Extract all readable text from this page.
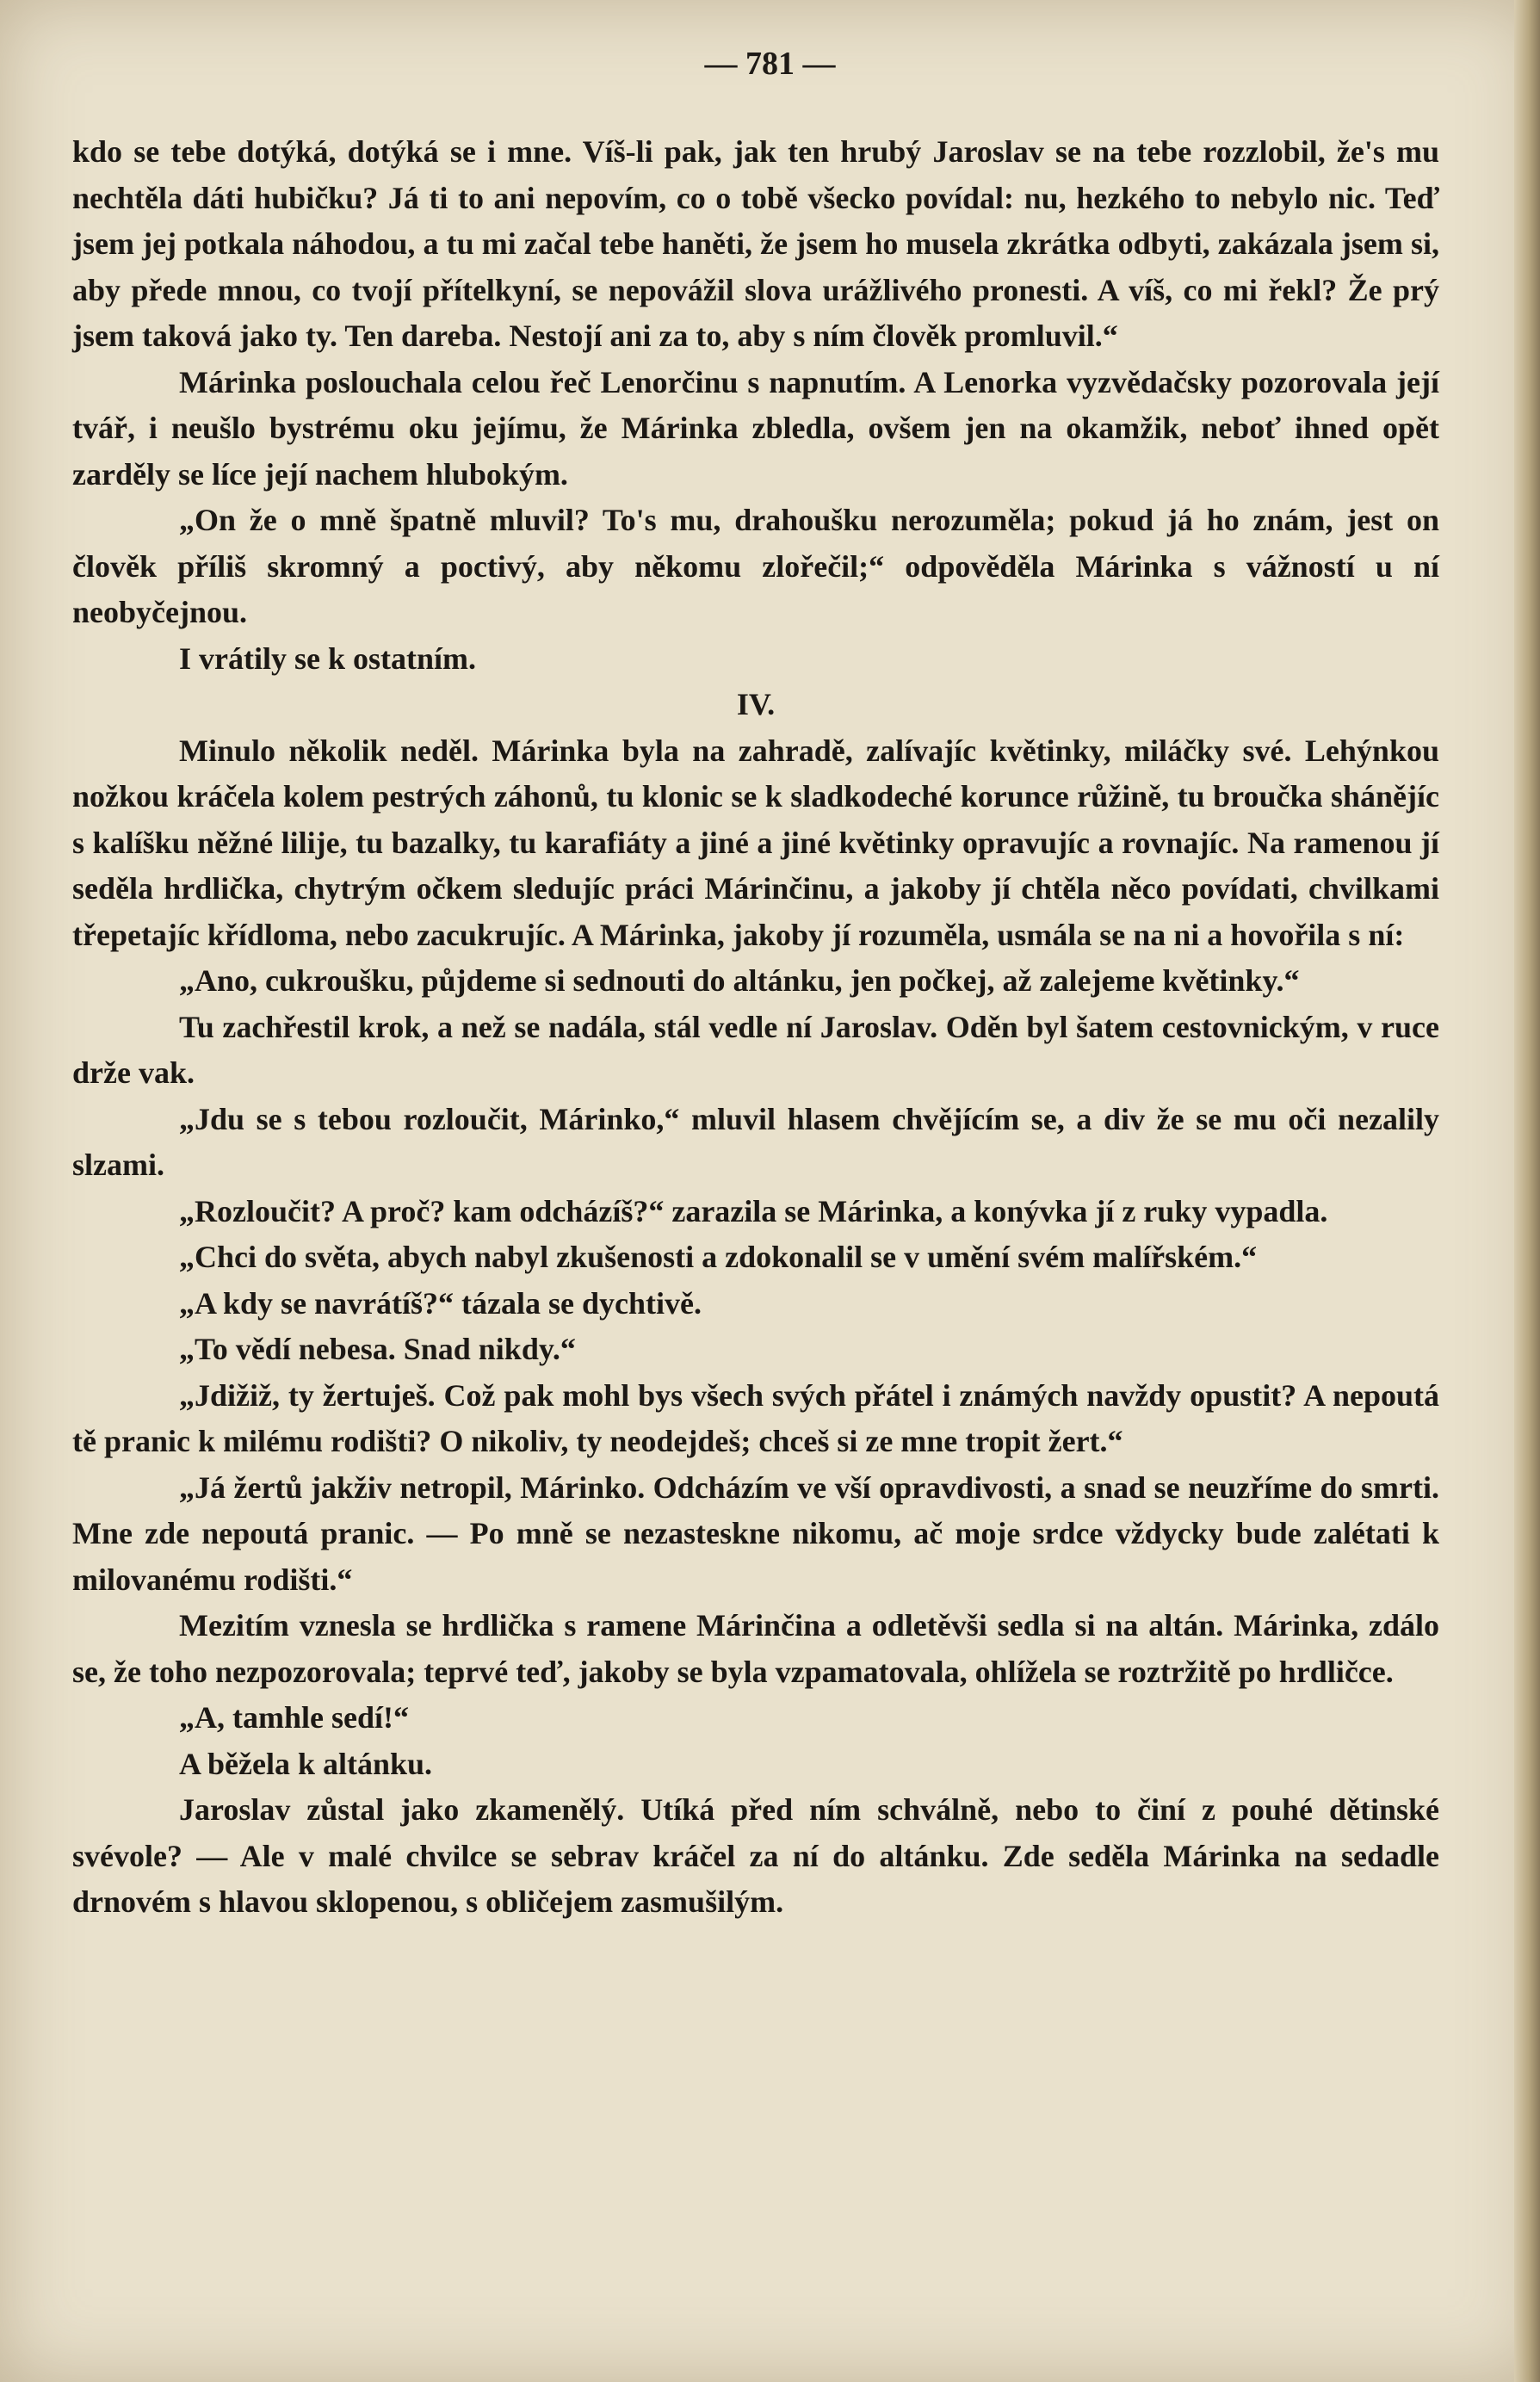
— 781 —

kdo se tebe dotýká, dotýká se i mne. Víš-li pak, jak ten hrubý Jaroslav se na tebe rozzlobil, že's mu nechtěla dáti hubičku? Já ti to ani nepovím, co o tobě všecko povídal: nu, hezkého to nebylo nic. Teď jsem jej potkala náhodou, a tu mi začal tebe haněti, že jsem ho musela zkrátka odbyti, zakázala jsem si, aby přede mnou, co tvojí přítelkyní, se nepovážil slova urážlivého pronesti. A víš, co mi řekl? Že prý jsem taková jako ty. Ten dareba. Nestojí ani za to, aby s ním člověk promluvil.“

Márinka poslouchala celou řeč Lenorčinu s napnutím. A Lenorka vyzvědačsky pozorovala její tvář, i neušlo bystrému oku jejímu, že Márinka zbledla, ovšem jen na okamžik, neboť ihned opět zarděly se líce její nachem hlubokým.

„On že o mně špatně mluvil? To's mu, drahoušku nerozuměla; pokud já ho znám, jest on člověk příliš skromný a poctivý, aby někomu zlořečil;“ odpověděla Márinka s vážností u ní neobyčejnou.

I vrátily se k ostatním.

IV.

Minulo několik neděl. Márinka byla na zahradě, zalívajíc květinky, miláčky své. Lehýnkou nožkou kráčela kolem pestrých záhonů, tu klonic se k sladkodeché korunce růžině, tu broučka shánějíc s kalíšku něžné lilije, tu bazalky, tu karafiáty a jiné a jiné květinky opravujíc a rovnajíc. Na ramenou jí seděla hrdlička, chytrým očkem sledujíc práci Márinčinu, a jakoby jí chtěla něco povídati, chvilkami třepetajíc křídloma, nebo zacukrujíc. A Márinka, jakoby jí rozuměla, usmála se na ni a hovořila s ní:

„Ano, cukroušku, půjdeme si sednouti do altánku, jen počkej, až zalejeme květinky.“

Tu zachřestil krok, a než se nadála, stál vedle ní Jaroslav. Oděn byl šatem cestovnickým, v ruce drže vak.

„Jdu se s tebou rozloučit, Márinko,“ mluvil hlasem chvějícím se, a div že se mu oči nezalily slzami.

„Rozloučit? A proč? kam odcházíš?“ zarazila se Márinka, a konývka jí z ruky vypadla.

„Chci do světa, abych nabyl zkušenosti a zdokonalil se v umění svém malířském.“

„A kdy se navrátíš?“ tázala se dychtivě.

„To vědí nebesa. Snad nikdy.“

„Jdižiž, ty žertuješ. Což pak mohl bys všech svých přátel i známých navždy opustit? A nepoutá tě pranic k milému rodišti? O nikoliv, ty neodejdeš; chceš si ze mne tropit žert.“

„Já žertů jakživ netropil, Márinko. Odcházím ve vší opravdivosti, a snad se neuzříme do smrti. Mne zde nepoutá pranic. — Po mně se nezasteskne nikomu, ač moje srdce vždycky bude zalétati k milovanému rodišti.“

Mezitím vznesla se hrdlička s ramene Márinčina a odletěvši sedla si na altán. Márinka, zdálo se, že toho nezpozorovala; teprvé teď, jakoby se byla vzpamatovala, ohlížela se roztržitě po hrdličce.

„A, tamhle sedí!“

A běžela k altánku.

Jaroslav zůstal jako zkamenělý. Utíká před ním schválně, nebo to činí z pouhé dětinské svévole? — Ale v malé chvilce se sebrav kráčel za ní do altánku. Zde seděla Márinka na sedadle drnovém s hlavou sklopenou, s obličejem zasmušilým.
